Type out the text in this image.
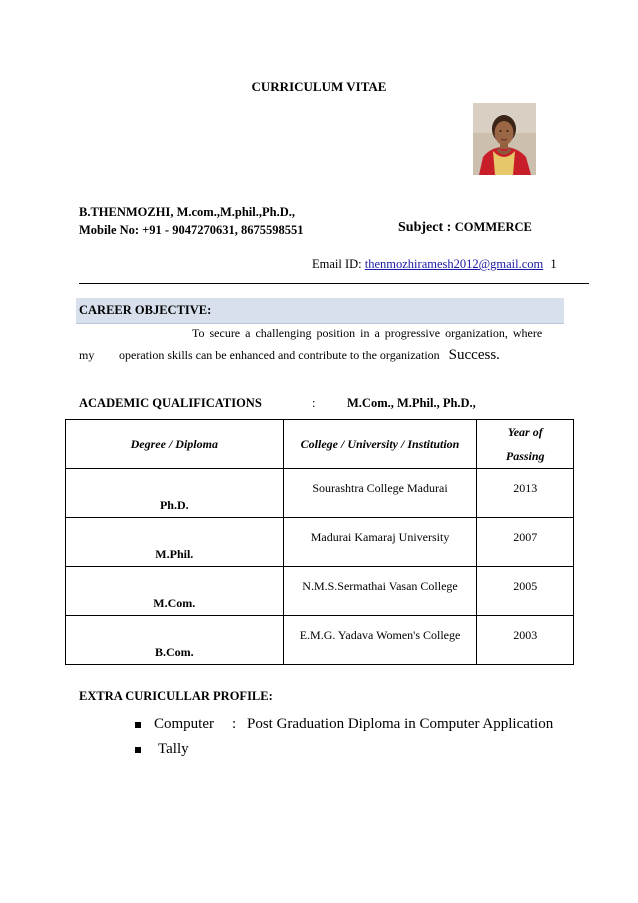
CURRICULUM VITAE
B.THENMOZHI, M.com.,M.phil.,Ph.D.,
Mobile No: +91 - 9047270631, 8675598551	Subject : COMMERCE
Email ID: thenmozhiramesh2012@gmail.com 1
CAREER OBJECTIVE:
To secure a challenging position in a progressive organization, where
my operation skills can be enhanced and contribute to the organization Success.
ACADEMIC QUALIFICATIONS	:	M.Com., M.Phil., Ph.D.,
Degree / Diploma	College / University / Institution	Year of
Passing

Ph.D.	Sourashtra College Madurai	2013

M.Phil.	Madurai Kamaraj University	2007

M.Com.	N.M.S.Sermathai Vasan College	2005

B.Com.	E.M.G. Yadava Women's College	2003
EXTRA CURICULLAR PROFILE:
Computer : Post Graduation Diploma in Computer Application
Tally
